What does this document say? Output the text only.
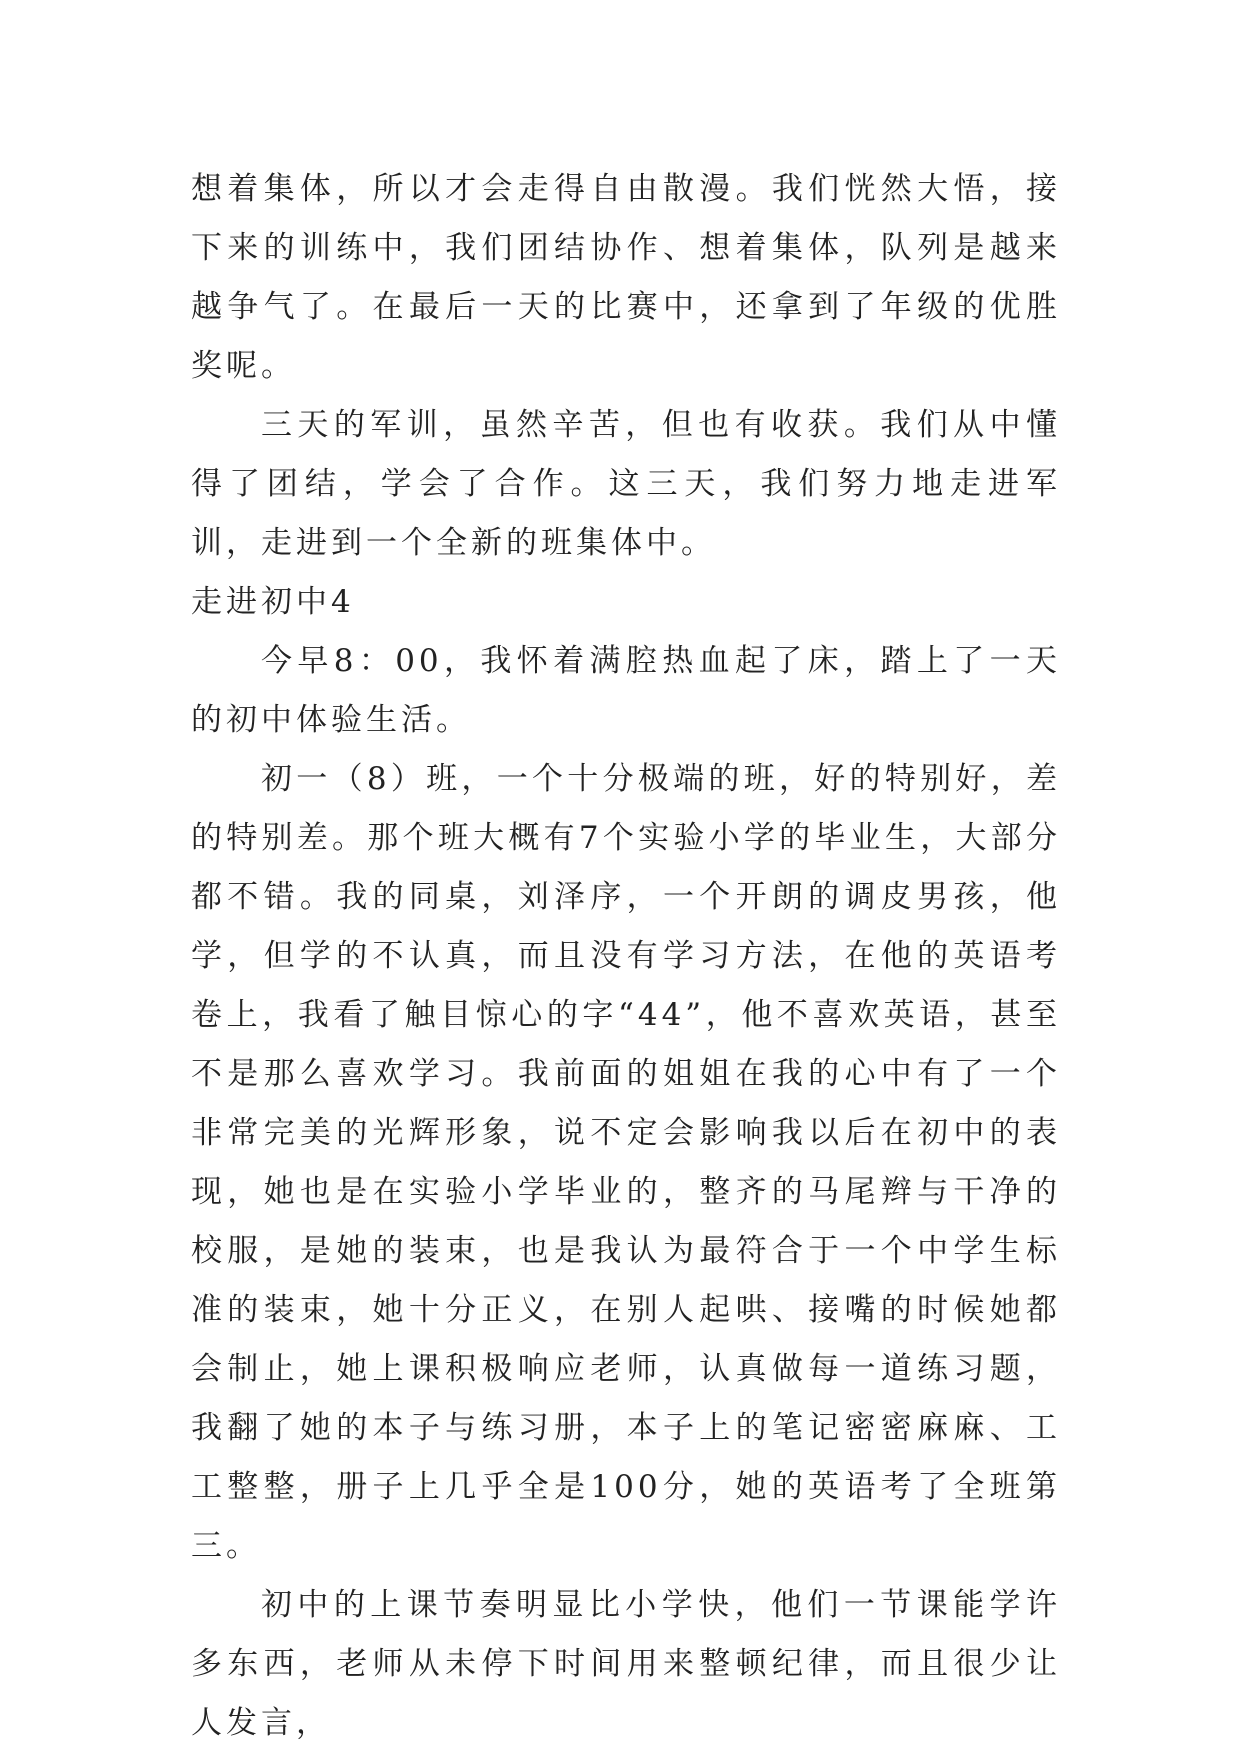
想着集体，所以才会走得自由散漫。我们恍然大悟，接下来的训练中，我们团结协作、想着集体，队列是越来越争气了。在最后一天的比赛中，还拿到了年级的优胜奖呢。

三天的军训，虽然辛苦，但也有收获。我们从中懂得了团结，学会了合作。这三天，我们努力地走进军训，走进到一个全新的班集体中。

走进初中4

今早8：00，我怀着满腔热血起了床，踏上了一天的初中体验生活。

初一（8）班，一个十分极端的班，好的特别好，差的特别差。那个班大概有7个实验小学的毕业生，大部分都不错。我的同桌，刘泽序，一个开朗的调皮男孩，他学，但学的不认真，而且没有学习方法，在他的英语考卷上，我看了触目惊心的字“44”，他不喜欢英语，甚至不是那么喜欢学习。我前面的姐姐在我的心中有了一个非常完美的光辉形象，说不定会影响我以后在初中的表现，她也是在实验小学毕业的，整齐的马尾辫与干净的校服，是她的装束，也是我认为最符合于一个中学生标准的装束，她十分正义，在别人起哄、接嘴的时候她都会制止，她上课积极响应老师，认真做每一道练习题，我翻了她的本子与练习册，本子上的笔记密密麻麻、工工整整，册子上几乎全是100分，她的英语考了全班第三。

初中的上课节奏明显比小学快，他们一节课能学许多东西，老师从未停下时间用来整顿纪律，而且很少让人发言，
